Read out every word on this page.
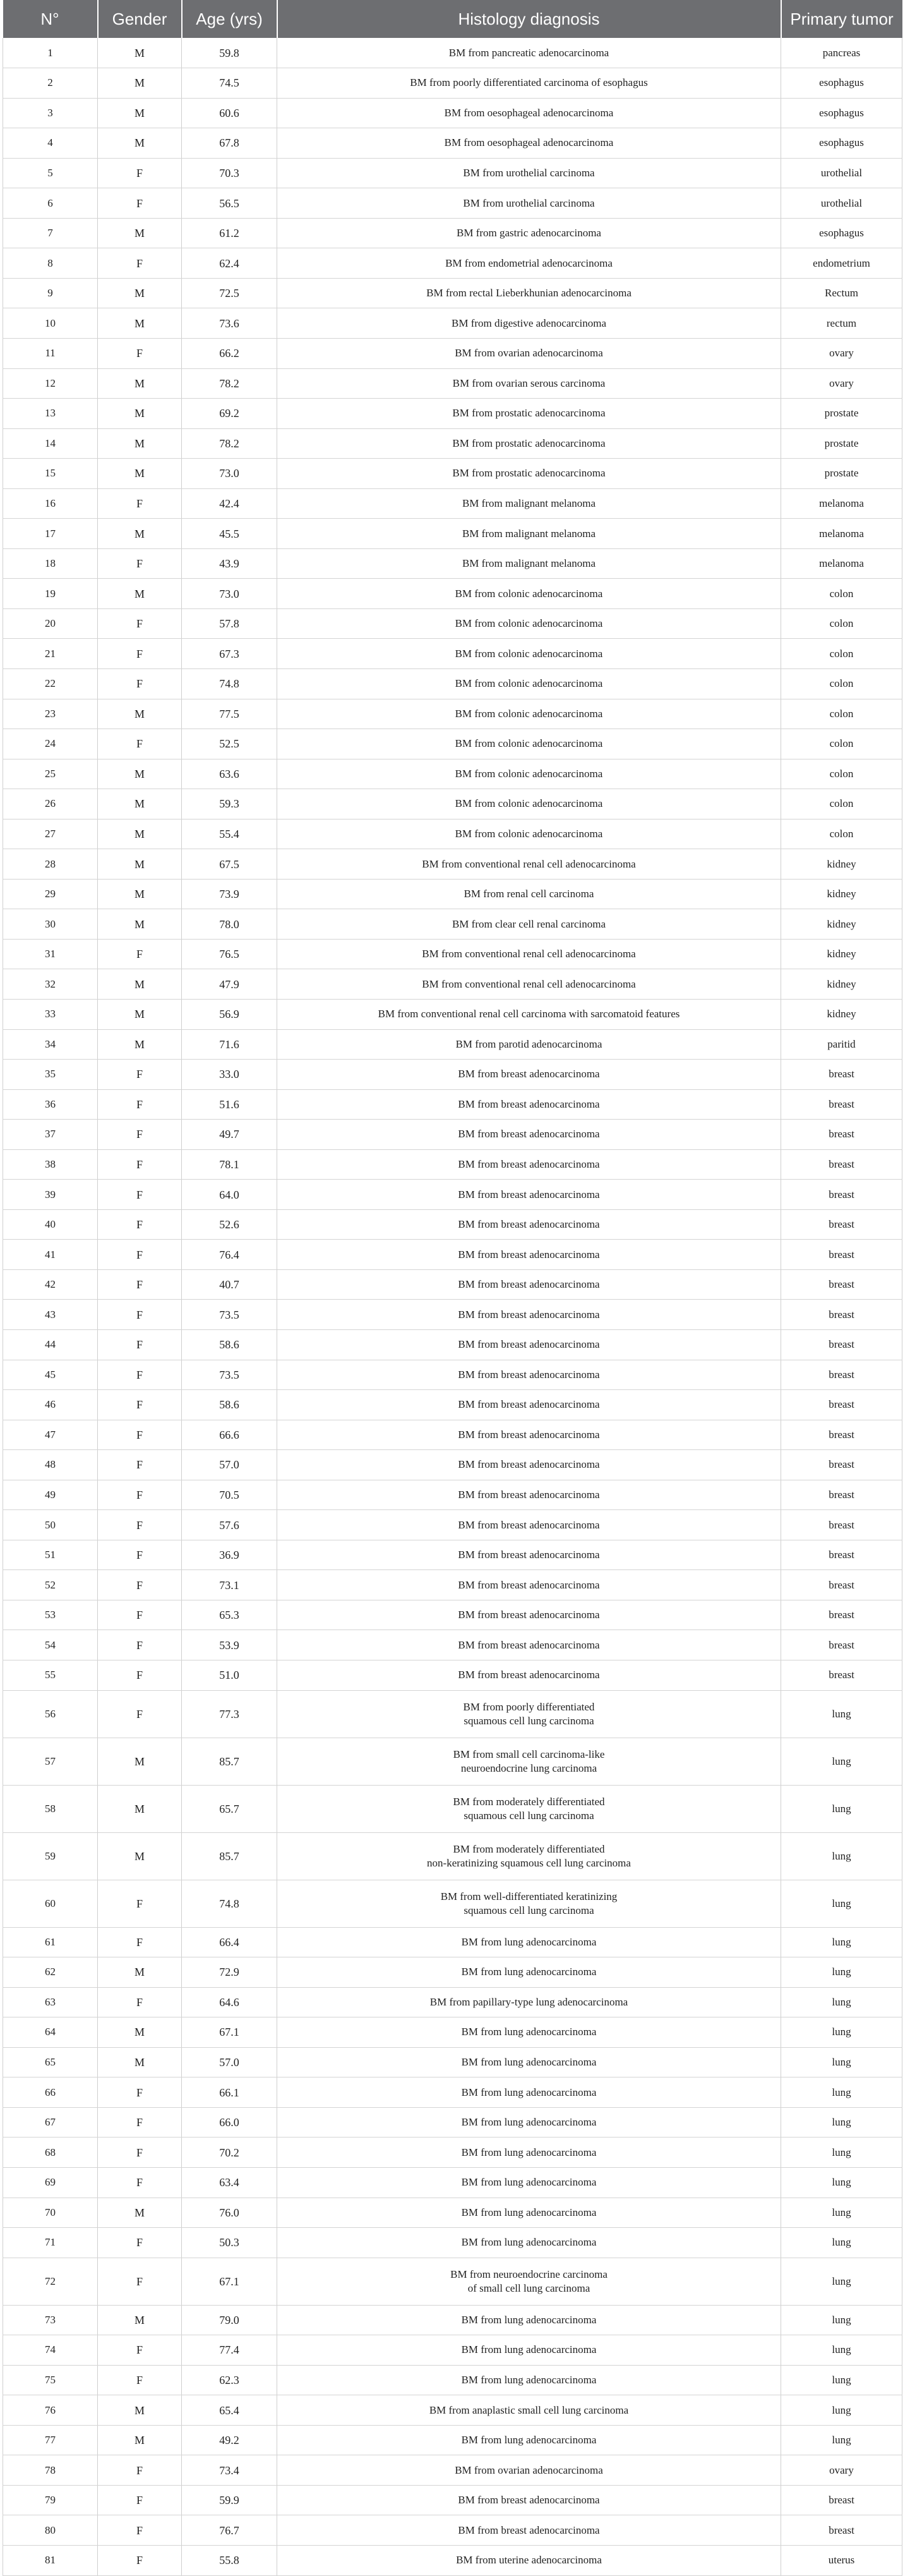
N°	Gender	Age (yrs)	Histology diagnosis	Primary tumor
1	M	59.8	BM from pancreatic adenocarcinoma	pancreas
2	M	74.5	BM from poorly differentiated carcinoma of esophagus	esophagus
3	M	60.6	BM from oesophageal adenocarcinoma	esophagus
4	M	67.8	BM from oesophageal adenocarcinoma	esophagus
5	F	70.3	BM from urothelial carcinoma	urothelial
6	F	56.5	BM from urothelial carcinoma	urothelial
7	M	61.2	BM from gastric adenocarcinoma	esophagus
8	F	62.4	BM from endometrial adenocarcinoma	endometrium
9	M	72.5	BM from rectal Lieberkhunian adenocarcinoma	Rectum
10	M	73.6	BM from digestive adenocarcinoma	rectum
11	F	66.2	BM from ovarian adenocarcinoma	ovary
12	M	78.2	BM from ovarian serous carcinoma	ovary
13	M	69.2	BM from prostatic adenocarcinoma	prostate
14	M	78.2	BM from prostatic adenocarcinoma	prostate
15	M	73.0	BM from prostatic adenocarcinoma	prostate
16	F	42.4	BM from malignant melanoma	melanoma
17	M	45.5	BM from malignant melanoma	melanoma
18	F	43.9	BM from malignant melanoma	melanoma
19	M	73.0	BM from colonic adenocarcinoma	colon
20	F	57.8	BM from colonic adenocarcinoma	colon
21	F	67.3	BM from colonic adenocarcinoma	colon
22	F	74.8	BM from colonic adenocarcinoma	colon
23	M	77.5	BM from colonic adenocarcinoma	colon
24	F	52.5	BM from colonic adenocarcinoma	colon
25	M	63.6	BM from colonic adenocarcinoma	colon
26	M	59.3	BM from colonic adenocarcinoma	colon
27	M	55.4	BM from colonic adenocarcinoma	colon
28	M	67.5	BM from conventional renal cell adenocarcinoma	kidney
29	M	73.9	BM from renal cell carcinoma	kidney
30	M	78.0	BM from clear cell renal carcinoma	kidney
31	F	76.5	BM from conventional renal cell adenocarcinoma	kidney
32	M	47.9	BM from conventional renal cell adenocarcinoma	kidney
33	M	56.9	BM from conventional renal cell carcinoma with sarcomatoid features	kidney
34	M	71.6	BM from parotid adenocarcinoma	paritid
35	F	33.0	BM from breast adenocarcinoma	breast
36	F	51.6	BM from breast adenocarcinoma	breast
37	F	49.7	BM from breast adenocarcinoma	breast
38	F	78.1	BM from breast adenocarcinoma	breast
39	F	64.0	BM from breast adenocarcinoma	breast
40	F	52.6	BM from breast adenocarcinoma	breast
41	F	76.4	BM from breast adenocarcinoma	breast
42	F	40.7	BM from breast adenocarcinoma	breast
43	F	73.5	BM from breast adenocarcinoma	breast
44	F	58.6	BM from breast adenocarcinoma	breast
45	F	73.5	BM from breast adenocarcinoma	breast
46	F	58.6	BM from breast adenocarcinoma	breast
47	F	66.6	BM from breast adenocarcinoma	breast
48	F	57.0	BM from breast adenocarcinoma	breast
49	F	70.5	BM from breast adenocarcinoma	breast
50	F	57.6	BM from breast adenocarcinoma	breast
51	F	36.9	BM from breast adenocarcinoma	breast
52	F	73.1	BM from breast adenocarcinoma	breast
53	F	65.3	BM from breast adenocarcinoma	breast
54	F	53.9	BM from breast adenocarcinoma	breast
55	F	51.0	BM from breast adenocarcinoma	breast
56	F	77.3	BM from poorly differentiated
squamous cell lung carcinoma	lung
57	M	85.7	BM from small cell carcinoma-like
neuroendocrine lung carcinoma	lung
58	M	65.7	BM from moderately differentiated
squamous cell lung carcinoma	lung
59	M	85.7	BM from moderately differentiated
non-keratinizing squamous cell lung carcinoma	lung
60	F	74.8	BM from well-differentiated keratinizing
squamous cell lung carcinoma	lung
61	F	66.4	BM from lung adenocarcinoma	lung
62	M	72.9	BM from lung adenocarcinoma	lung
63	F	64.6	BM from papillary-type lung adenocarcinoma	lung
64	M	67.1	BM from lung adenocarcinoma	lung
65	M	57.0	BM from lung adenocarcinoma	lung
66	F	66.1	BM from lung adenocarcinoma	lung
67	F	66.0	BM from lung adenocarcinoma	lung
68	F	70.2	BM from lung adenocarcinoma	lung
69	F	63.4	BM from lung adenocarcinoma	lung
70	M	76.0	BM from lung adenocarcinoma	lung
71	F	50.3	BM from lung adenocarcinoma	lung
72	F	67.1	BM from neuroendocrine carcinoma
of small cell lung carcinoma	lung
73	M	79.0	BM from lung adenocarcinoma	lung
74	F	77.4	BM from lung adenocarcinoma	lung
75	F	62.3	BM from lung adenocarcinoma	lung
76	M	65.4	BM from anaplastic small cell lung carcinoma	lung
77	M	49.2	BM from lung adenocarcinoma	lung
78	F	73.4	BM from ovarian adenocarcinoma	ovary
79	F	59.9	BM from breast adenocarcinoma	breast
80	F	76.7	BM from breast adenocarcinoma	breast
81	F	55.8	BM from uterine adenocarcinoma	uterus
